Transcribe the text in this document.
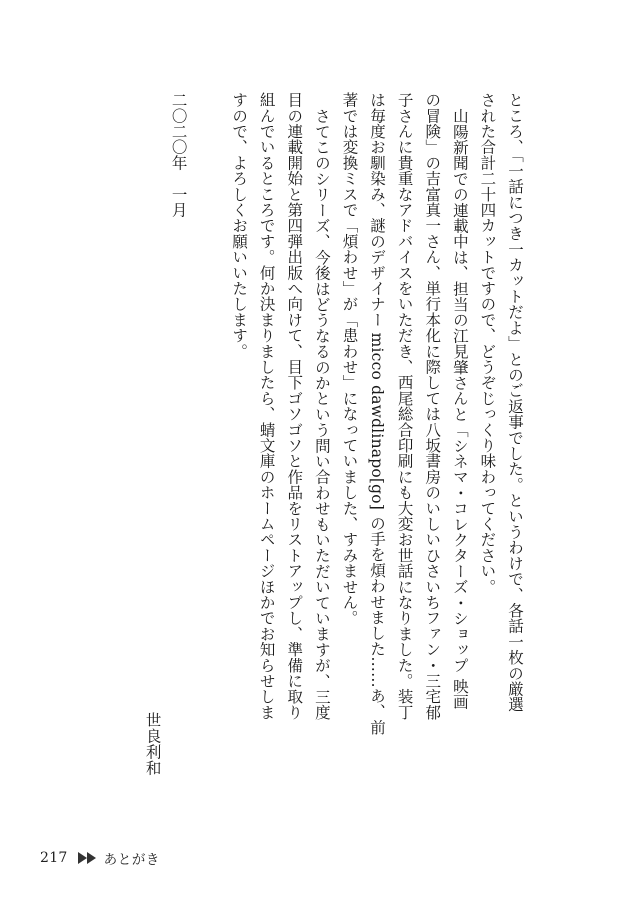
ところ、「一話につき一カットだよ」とのご返事でした。というわけで、各話一枚の厳選
された合計二十四カットですので、どうぞじっくり味わってください。
山陽新聞での連載中は、担当の江見肇さんと「シネマ・コレクターズ・ショップ 映画
の冒険」の吉富真一さん、単行本化に際しては八坂書房のいしいひさいちファン・三宅郁
子さんに貴重なアドバイスをいただき、西尾総合印刷にも大変お世話になりました。装丁
は毎度お馴染み、謎のデザイナー micco dawdlinapo[go] の手を煩わせました……あ、前
著では変換ミスで「煩わせ」が「患わせ」になっていました、すみません。
さてこのシリーズ、今後はどうなるのかという問い合わせもいただいていますが、三度
目の連載開始と第四弾出版へ向けて、目下ゴソゴソと作品をリストアップし、準備に取り
組んでいるところです。何か決まりましたら、蜻文庫のホームページほかでお知らせしま
すので、よろしくお願いいたします。
二〇二〇年　一月
世良利和
217	あとがき
